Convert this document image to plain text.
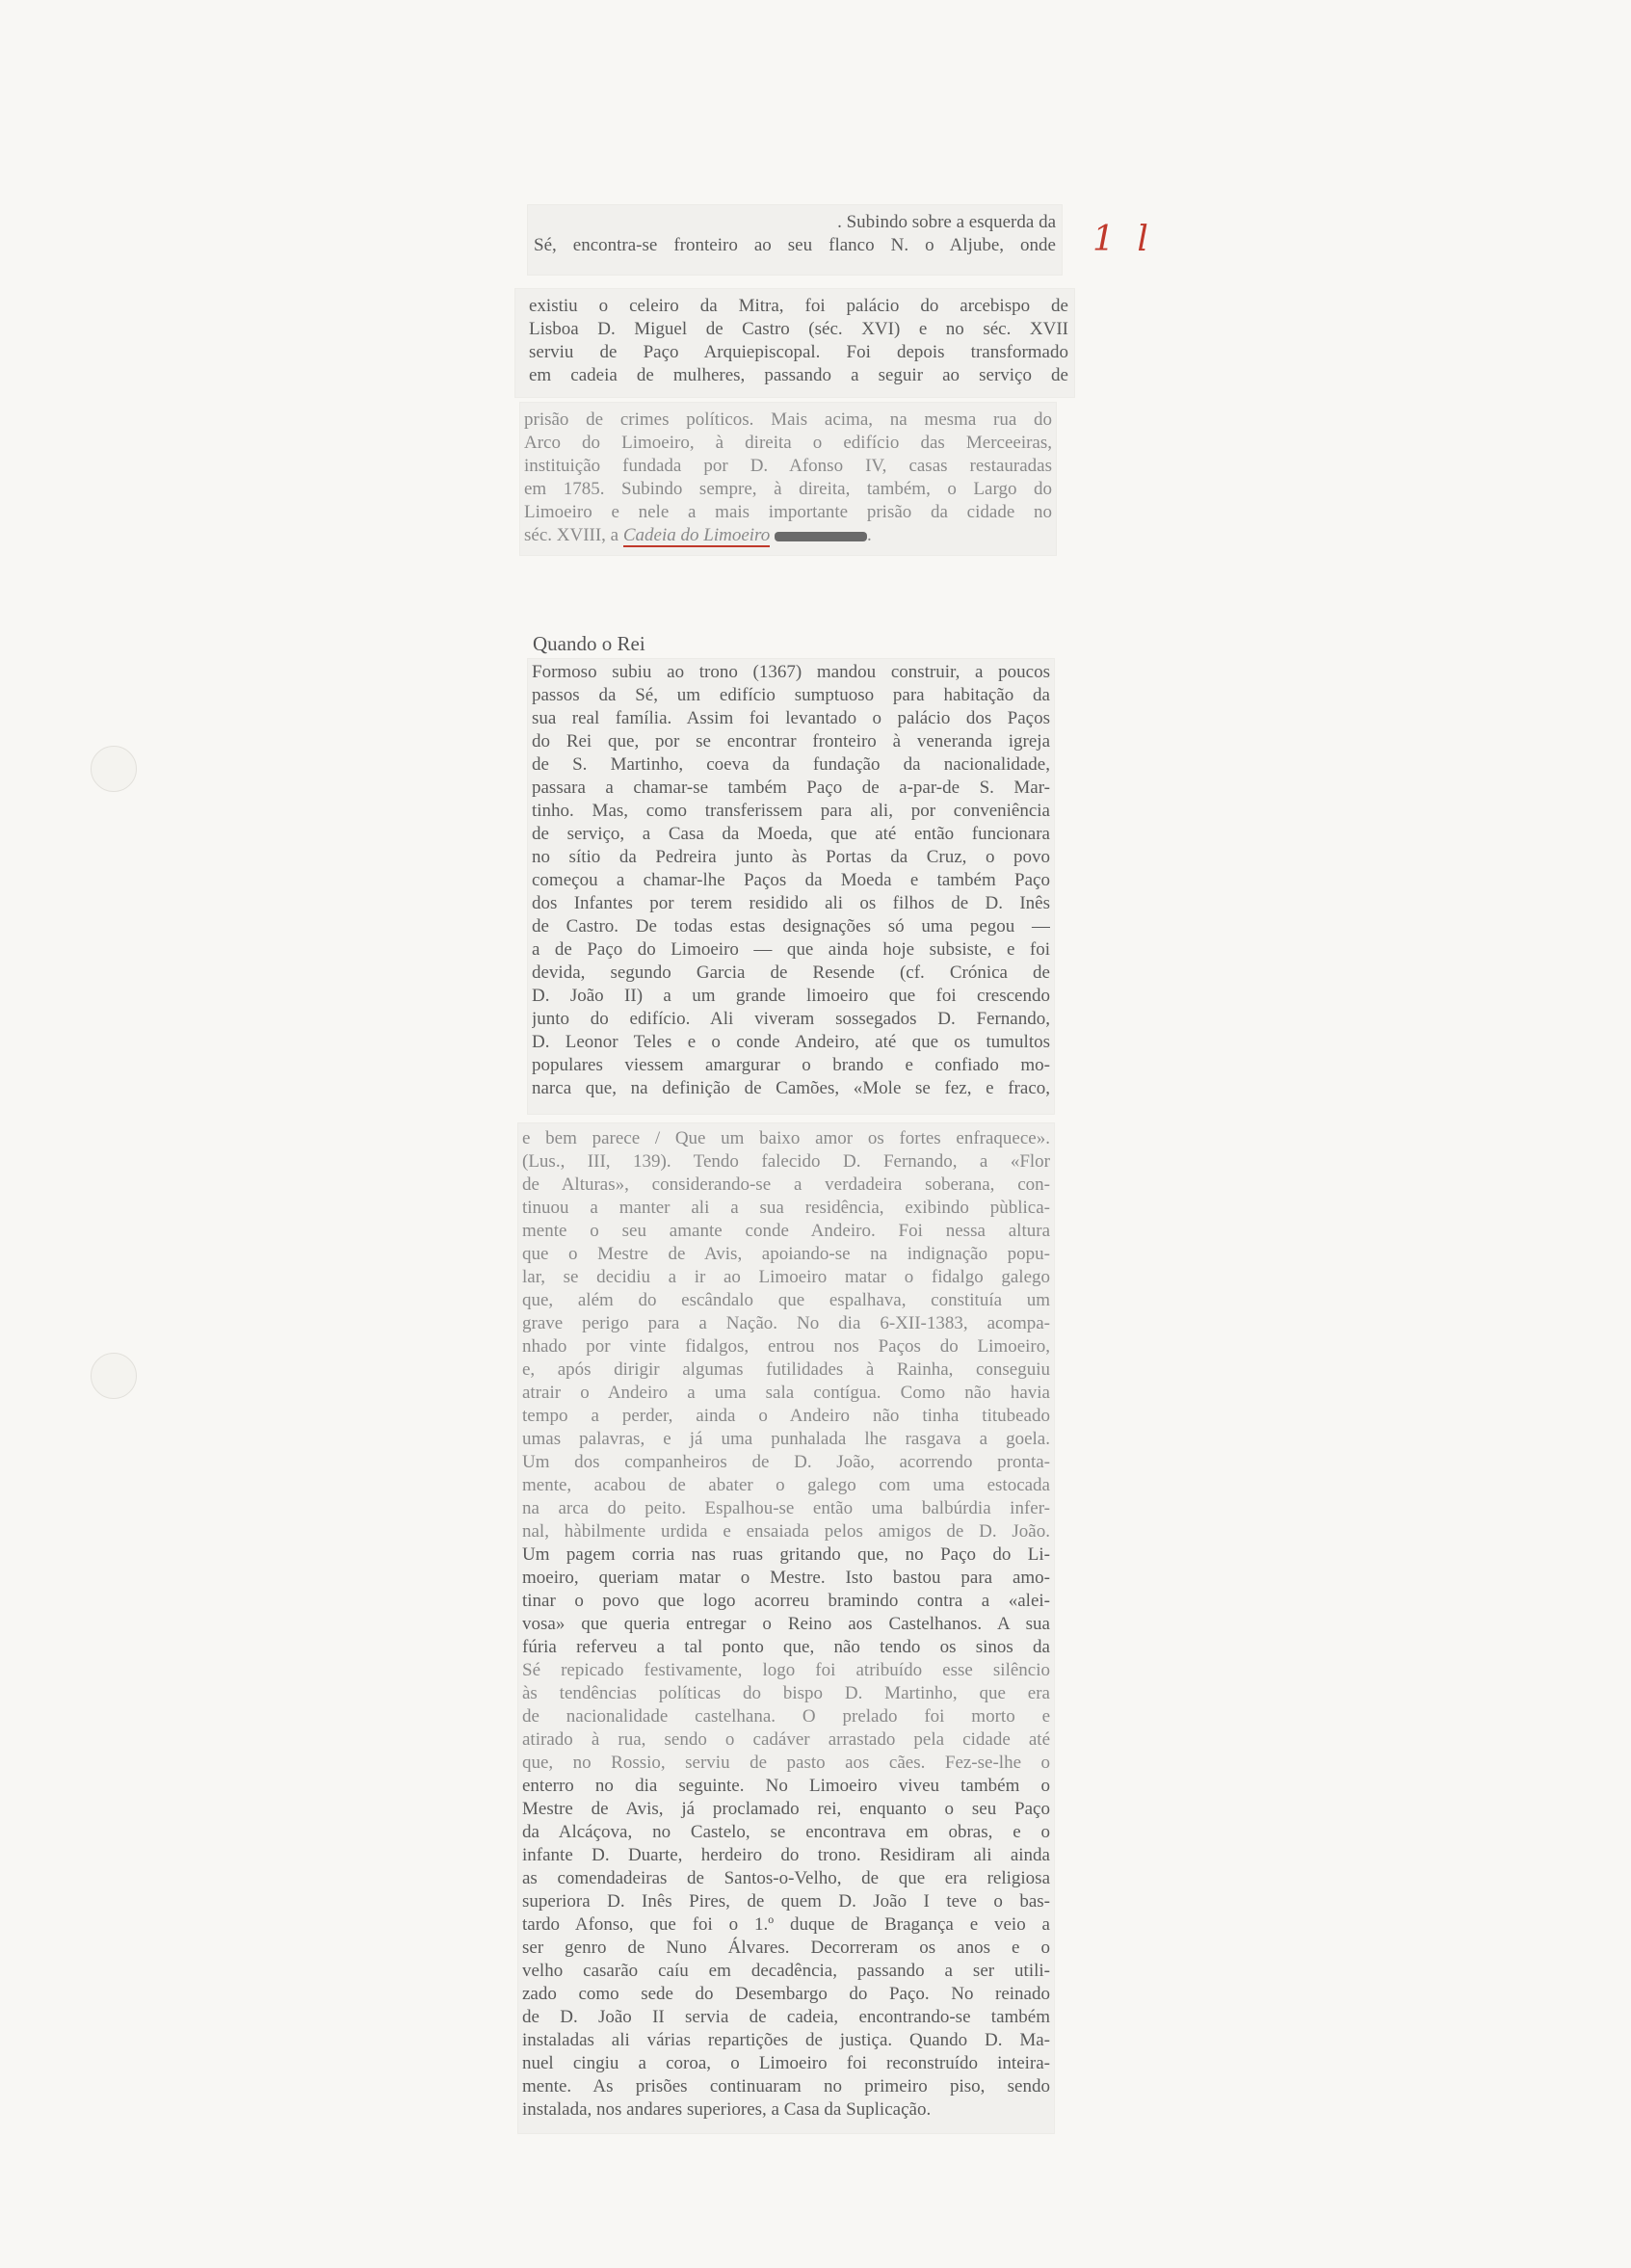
1 l

. Subindo sobre a esquerda da

Sé, encontra-se fronteiro ao seu flanco N. o Aljube, onde

existiu o celeiro da Mitra, foi palácio do arcebispo de

Lisboa D. Miguel de Castro (séc. XVI) e no séc. XVII

serviu de Paço Arquiepiscopal. Foi depois transformado

em cadeia de mulheres, passando a seguir ao serviço de

prisão de crimes políticos. Mais acima, na mesma rua do

Arco do Limoeiro, à direita o edifício das Merceeiras,

instituição fundada por D. Afonso IV, casas restauradas

em 1785. Subindo sempre, à direita, também, o Largo do

Limoeiro e nele a mais importante prisão da cidade no

séc. XVIII, a Cadeia do Limoeiro	.

Quando o Rei

Formoso subiu ao trono (1367) mandou construir, a poucos

passos da Sé, um edifício sumptuoso para habitação da

sua real família. Assim foi levantado o palácio dos Paços

do Rei que, por se encontrar fronteiro à veneranda igreja

de S. Martinho, coeva da fundação da nacionalidade,

passara a chamar-se também Paço de a-par-de S. Mar-

tinho. Mas, como transferissem para ali, por conveniência

de serviço, a Casa da Moeda, que até então funcionara

no sítio da Pedreira junto às Portas da Cruz, o povo

começou a chamar-lhe Paços da Moeda e também Paço

dos Infantes por terem residido ali os filhos de D. Inês

de Castro. De todas estas designações só uma pegou —

a de Paço do Limoeiro — que ainda hoje subsiste, e foi

devida, segundo Garcia de Resende (cf. Crónica de

D. João II) a um grande limoeiro que foi crescendo

junto do edifício. Ali viveram sossegados D. Fernando,

D. Leonor Teles e o conde Andeiro, até que os tumultos

populares viessem amargurar o brando e confiado mo-

narca que, na definição de Camões, «Mole se fez, e fraco,

e bem parece / Que um baixo amor os fortes enfraquece».

(Lus., III, 139). Tendo falecido D. Fernando, a «Flor

de Alturas», considerando-se a verdadeira soberana, con-

tinuou a manter ali a sua residência, exibindo pùblica-

mente o seu amante conde Andeiro. Foi nessa altura

que o Mestre de Avis, apoiando-se na indignação popu-

lar, se decidiu a ir ao Limoeiro matar o fidalgo galego

que, além do escândalo que espalhava, constituía um

grave perigo para a Nação. No dia 6-XII-1383, acompa-

nhado por vinte fidalgos, entrou nos Paços do Limoeiro,

e, após dirigir algumas futilidades à Rainha, conseguiu

atrair o Andeiro a uma sala contígua. Como não havia

tempo a perder, ainda o Andeiro não tinha titubeado

umas palavras, e já uma punhalada lhe rasgava a goela.

Um dos companheiros de D. João, acorrendo pronta-

mente, acabou de abater o galego com uma estocada

na arca do peito. Espalhou-se então uma balbúrdia infer-

nal, hàbilmente urdida e ensaiada pelos amigos de D. João.

Um pagem corria nas ruas gritando que, no Paço do Li-

moeiro, queriam matar o Mestre. Isto bastou para amo-

tinar o povo que logo acorreu bramindo contra a «alei-

vosa» que queria entregar o Reino aos Castelhanos. A sua

fúria referveu a tal ponto que, não tendo os sinos da

Sé repicado festivamente, logo foi atribuído esse silêncio

às tendências políticas do bispo D. Martinho, que era

de nacionalidade castelhana. O prelado foi morto e

atirado à rua, sendo o cadáver arrastado pela cidade até

que, no Rossio, serviu de pasto aos cães. Fez-se-lhe o

enterro no dia seguinte. No Limoeiro viveu também o

Mestre de Avis, já proclamado rei, enquanto o seu Paço

da Alcáçova, no Castelo, se encontrava em obras, e o

infante D. Duarte, herdeiro do trono. Residiram ali ainda

as comendadeiras de Santos-o-Velho, de que era religiosa

superiora D. Inês Pires, de quem D. João I teve o bas-

tardo Afonso, que foi o 1.º duque de Bragança e veio a

ser genro de Nuno Álvares. Decorreram os anos e o

velho casarão caíu em decadência, passando a ser utili-

zado como sede do Desembargo do Paço. No reinado

de D. João II servia de cadeia, encontrando-se também

instaladas ali várias repartições de justiça. Quando D. Ma-

nuel cingiu a coroa, o Limoeiro foi reconstruído inteira-

mente. As prisões continuaram no primeiro piso, sendo

instalada, nos andares superiores, a Casa da Suplicação.
